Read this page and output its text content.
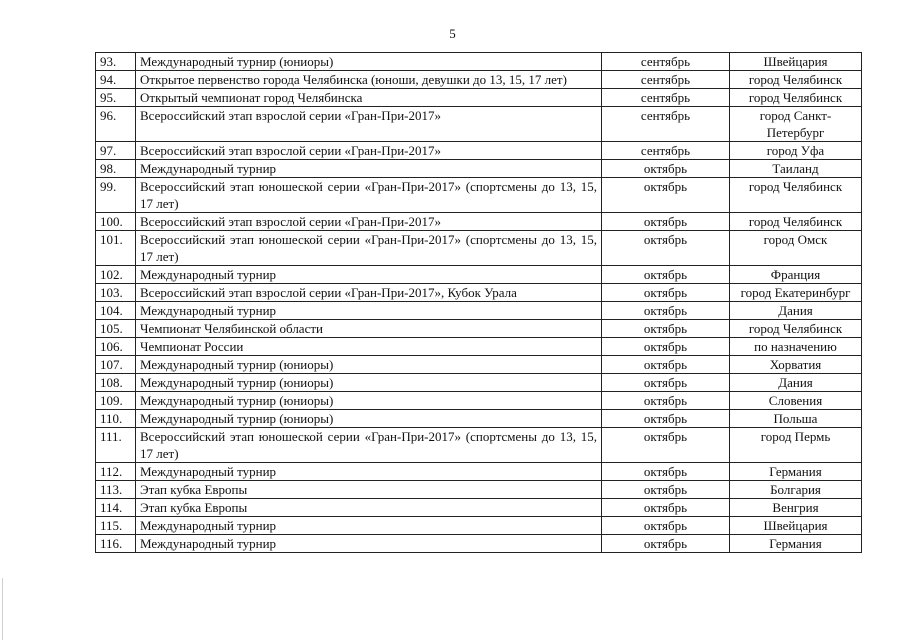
5
93.	Международный турнир (юниоры)	сентябрь	Швейцария
94.	Открытое первенство города Челябинска (юноши, девушки до 13, 15, 17 лет)	сентябрь	город Челябинск
95.	Открытый чемпионат город Челябинска	сентябрь	город Челябинск
96.	Всероссийский этап взрослой серии «Гран-При-2017»	сентябрь	город Санкт-Петербург
97.	Всероссийский этап взрослой серии «Гран-При-2017»	сентябрь	город Уфа
98.	Международный турнир	октябрь	Таиланд
99.	Всероссийский этап юношеской серии «Гран-При-2017» (спортсмены до 13, 15, 17 лет)	октябрь	город Челябинск
100.	Всероссийский этап взрослой серии «Гран-При-2017»	октябрь	город Челябинск
101.	Всероссийский этап юношеской серии «Гран-При-2017» (спортсмены до 13, 15, 17 лет)	октябрь	город Омск
102.	Международный турнир	октябрь	Франция
103.	Всероссийский этап взрослой серии «Гран-При-2017», Кубок Урала	октябрь	город Екатеринбург
104.	Международный турнир	октябрь	Дания
105.	Чемпионат Челябинской области	октябрь	город Челябинск
106.	Чемпионат России	октябрь	по назначению
107.	Международный турнир (юниоры)	октябрь	Хорватия
108.	Международный турнир (юниоры)	октябрь	Дания
109.	Международный турнир (юниоры)	октябрь	Словения
110.	Международный турнир (юниоры)	октябрь	Польша
111.	Всероссийский этап юношеской серии «Гран-При-2017» (спортсмены до 13, 15, 17 лет)	октябрь	город Пермь
112.	Международный турнир	октябрь	Германия
113.	Этап кубка Европы	октябрь	Болгария
114.	Этап кубка Европы	октябрь	Венгрия
115.	Международный турнир	октябрь	Швейцария
116.	Международный турнир	октябрь	Германия
